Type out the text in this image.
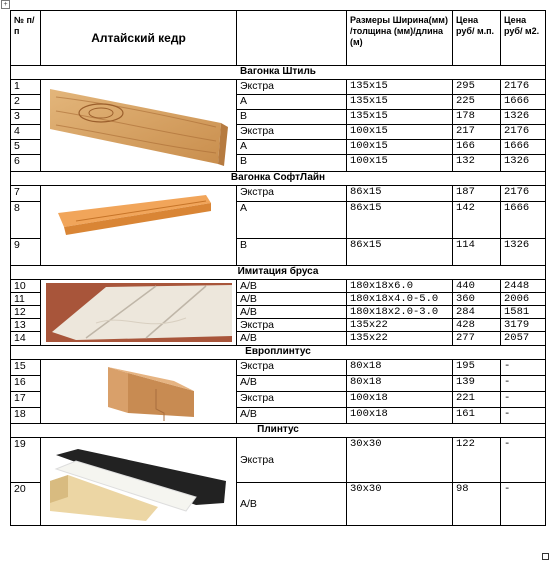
+
№ п/п	Алтайский кедр		Размеры Ширина(мм) /толщина (мм)/длина (м)	Цена руб/ м.п.	Цена руб/ м2.
Вагонка Штиль					
1		Экстра	135х15	295	2176
2		А	135х15	225	1666
3		В	135х15	178	1326
4		Экстра	100х15	217	2176
5		А	100х15	166	1666
6		В	100х15	132	1326
Вагонка СофтЛайн					
7		Экстра	86х15	187	2176
8		А	86х15	142	1666
9		В	86х15	114	1326
Имитация бруса					
10		А/В	180х18х6.0	440	2448
11		А/В	180х18х4.0-5.0	360	2006
12		А/В	180х18х2.0-3.0	284	1581
13		Экстра	135х22	428	3179
14		А/В	135х22	277	2057
Европлинтус					
15		Экстра	80х18	195	-
16		А/В	80х18	139	-
17		Экстра	100х18	221	-
18		А/В	100х18	161	-
Плинтус					
19		Экстра	30х30	122	-
20		А/В	30х30	98	-
